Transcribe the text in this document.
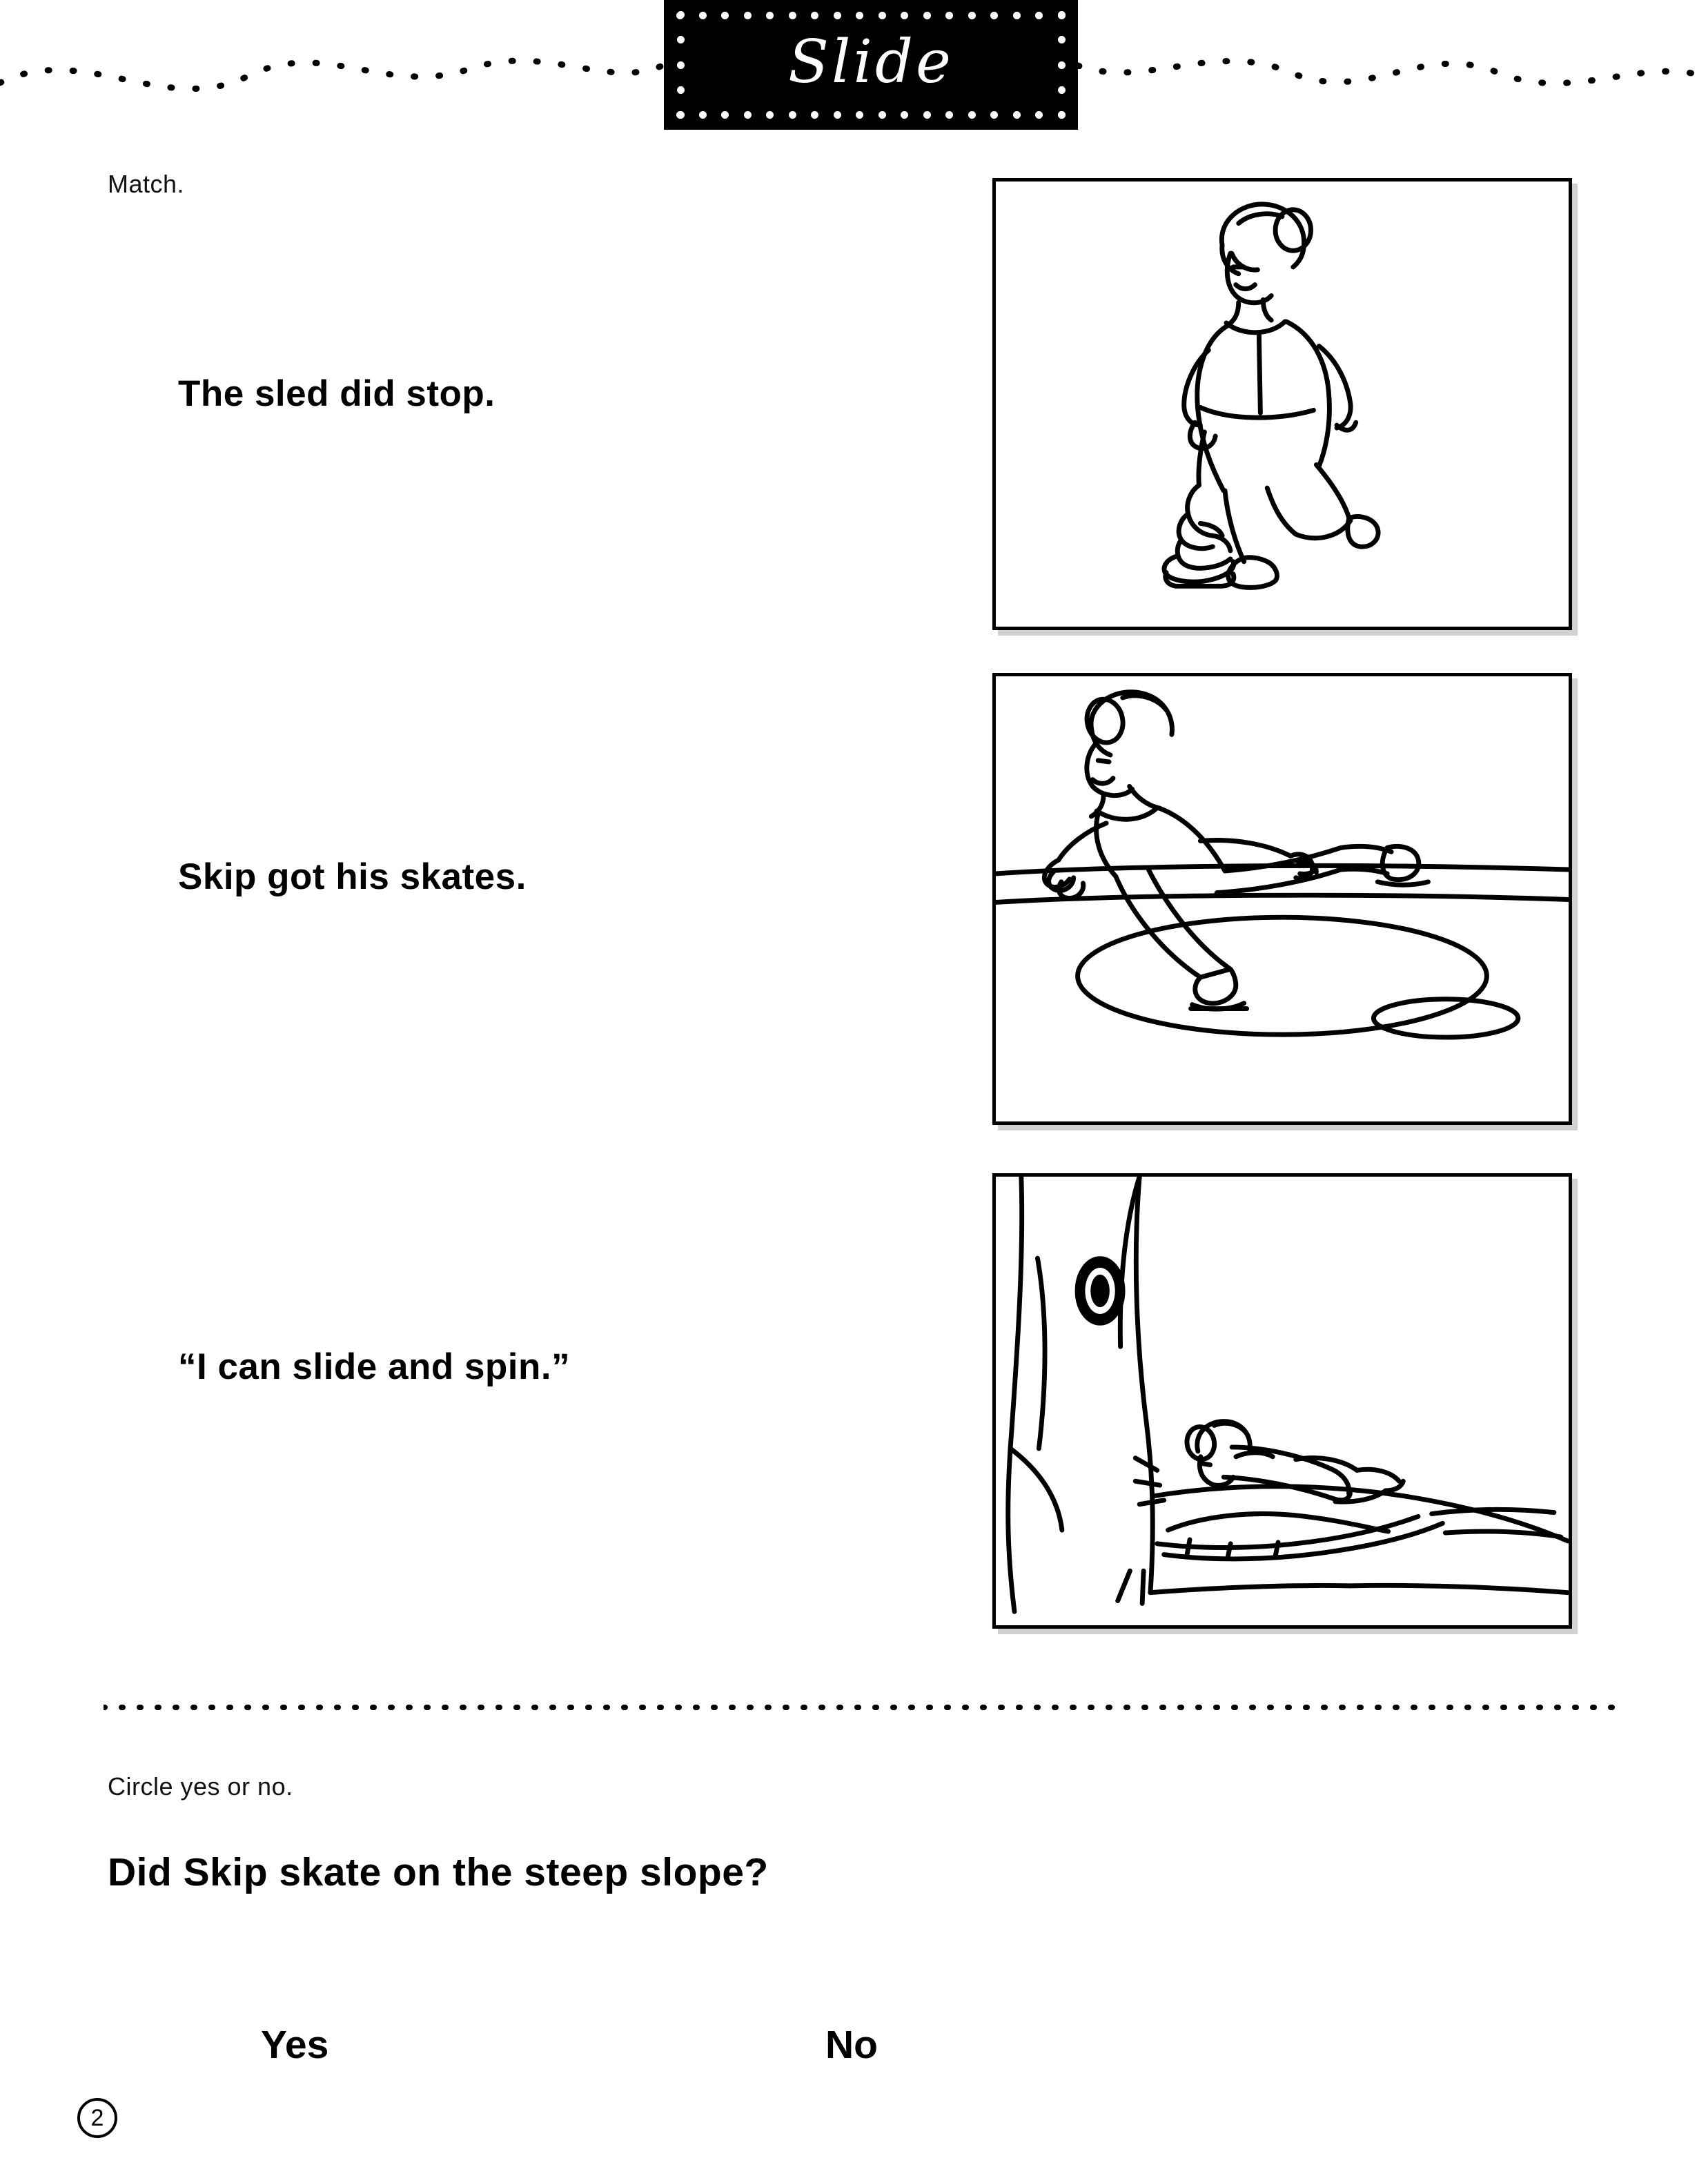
Slide
Match.
The sled did stop.
Skip got his skates.
“I can slide and spin.”
Circle yes or no.
Did Skip skate on the steep slope?
Yes	No
2
